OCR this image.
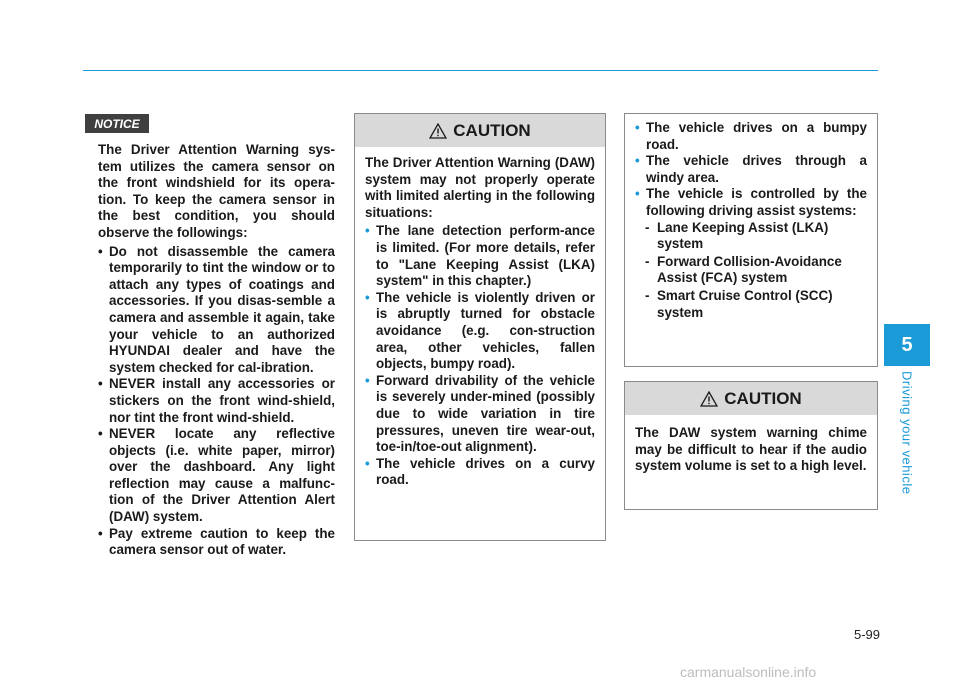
5
Driving your vehicle
NOTICE

The Driver Attention Warning sys-tem utilizes the camera sensor on the front windshield for its opera-tion. To keep the camera sensor in the best condition, you should observe the followings:

• Do not disassemble the camera temporarily to tint the window or to attach any types of coatings and accessories. If you disas-semble a camera and assemble it again, take your vehicle to an authorized HYUNDAI dealer and have the system checked for cal-ibration.
• NEVER install any accessories or stickers on the front wind-shield, nor tint the front wind-shield.
• NEVER locate any reflective objects (i.e. white paper, mirror) over the dashboard. Any light reflection may cause a malfunc-tion of the Driver Attention Alert (DAW) system.
• Pay extreme caution to keep the camera sensor out of water.
CAUTION

The Driver Attention Warning (DAW) system may not properly operate with limited alerting in the following situations:

• The lane detection perform-ance is limited. (For more details, refer to "Lane Keeping Assist (LKA) system" in this chapter.)
• The vehicle is violently driven or is abruptly turned for obstacle avoidance (e.g. con-struction area, other vehicles, fallen objects, bumpy road).
• Forward drivability of the vehicle is severely under-mined (possibly due to wide variation in tire pressures, uneven tire wear-out, toe-in/toe-out alignment).
• The vehicle drives on a curvy road.
• The vehicle drives on a bumpy road.
• The vehicle drives through a windy area.
• The vehicle is controlled by the following driving assist systems:
- Lane Keeping Assist (LKA) system
- Forward Collision-Avoidance Assist (FCA) system
- Smart Cruise Control (SCC) system
CAUTION

The DAW system warning chime may be difficult to hear if the audio system volume is set to a high level.

5-99
carmanualsonline.info
